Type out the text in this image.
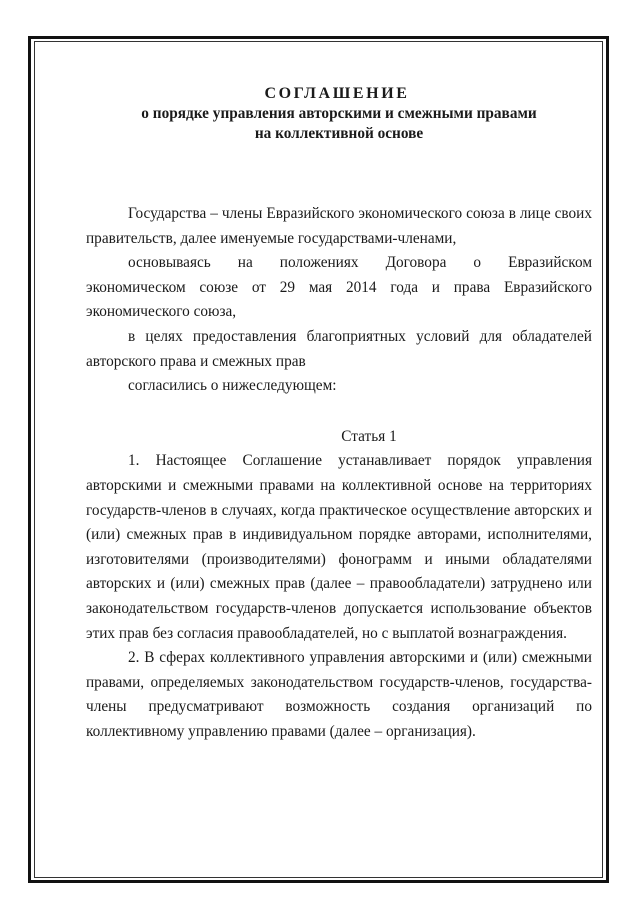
СОГЛАШЕНИЕ
о порядке управления авторскими и смежными правами
на коллективной основе

Государства – члены Евразийского экономического союза в лице своих правительств, далее именуемые государствами-членами,

основываясь на положениях Договора о Евразийском

экономическом союзе от 29 мая 2014 года и права Евразийского экономического союза,

в целях предоставления благоприятных условий для обладателей авторского права и смежных прав

согласились о нижеследующем:

Статья 1

1. Настоящее Соглашение устанавливает порядок управления авторскими и смежными правами на коллективной основе на территориях государств-членов в случаях, когда практическое осуществление авторских и (или) смежных прав в индивидуальном порядке авторами, исполнителями, изготовителями (производителями) фонограмм и иными обладателями авторских и (или) смежных прав (далее – правообладатели) затруднено или законодательством государств-членов допускается использование объектов этих прав без согласия правообладателей, но с выплатой вознаграждения.

2. В сферах коллективного управления авторскими и (или) смежными правами, определяемых законодательством государств-членов, государства-члены предусматривают возможность создания организаций по коллективному управлению правами (далее – организация).
